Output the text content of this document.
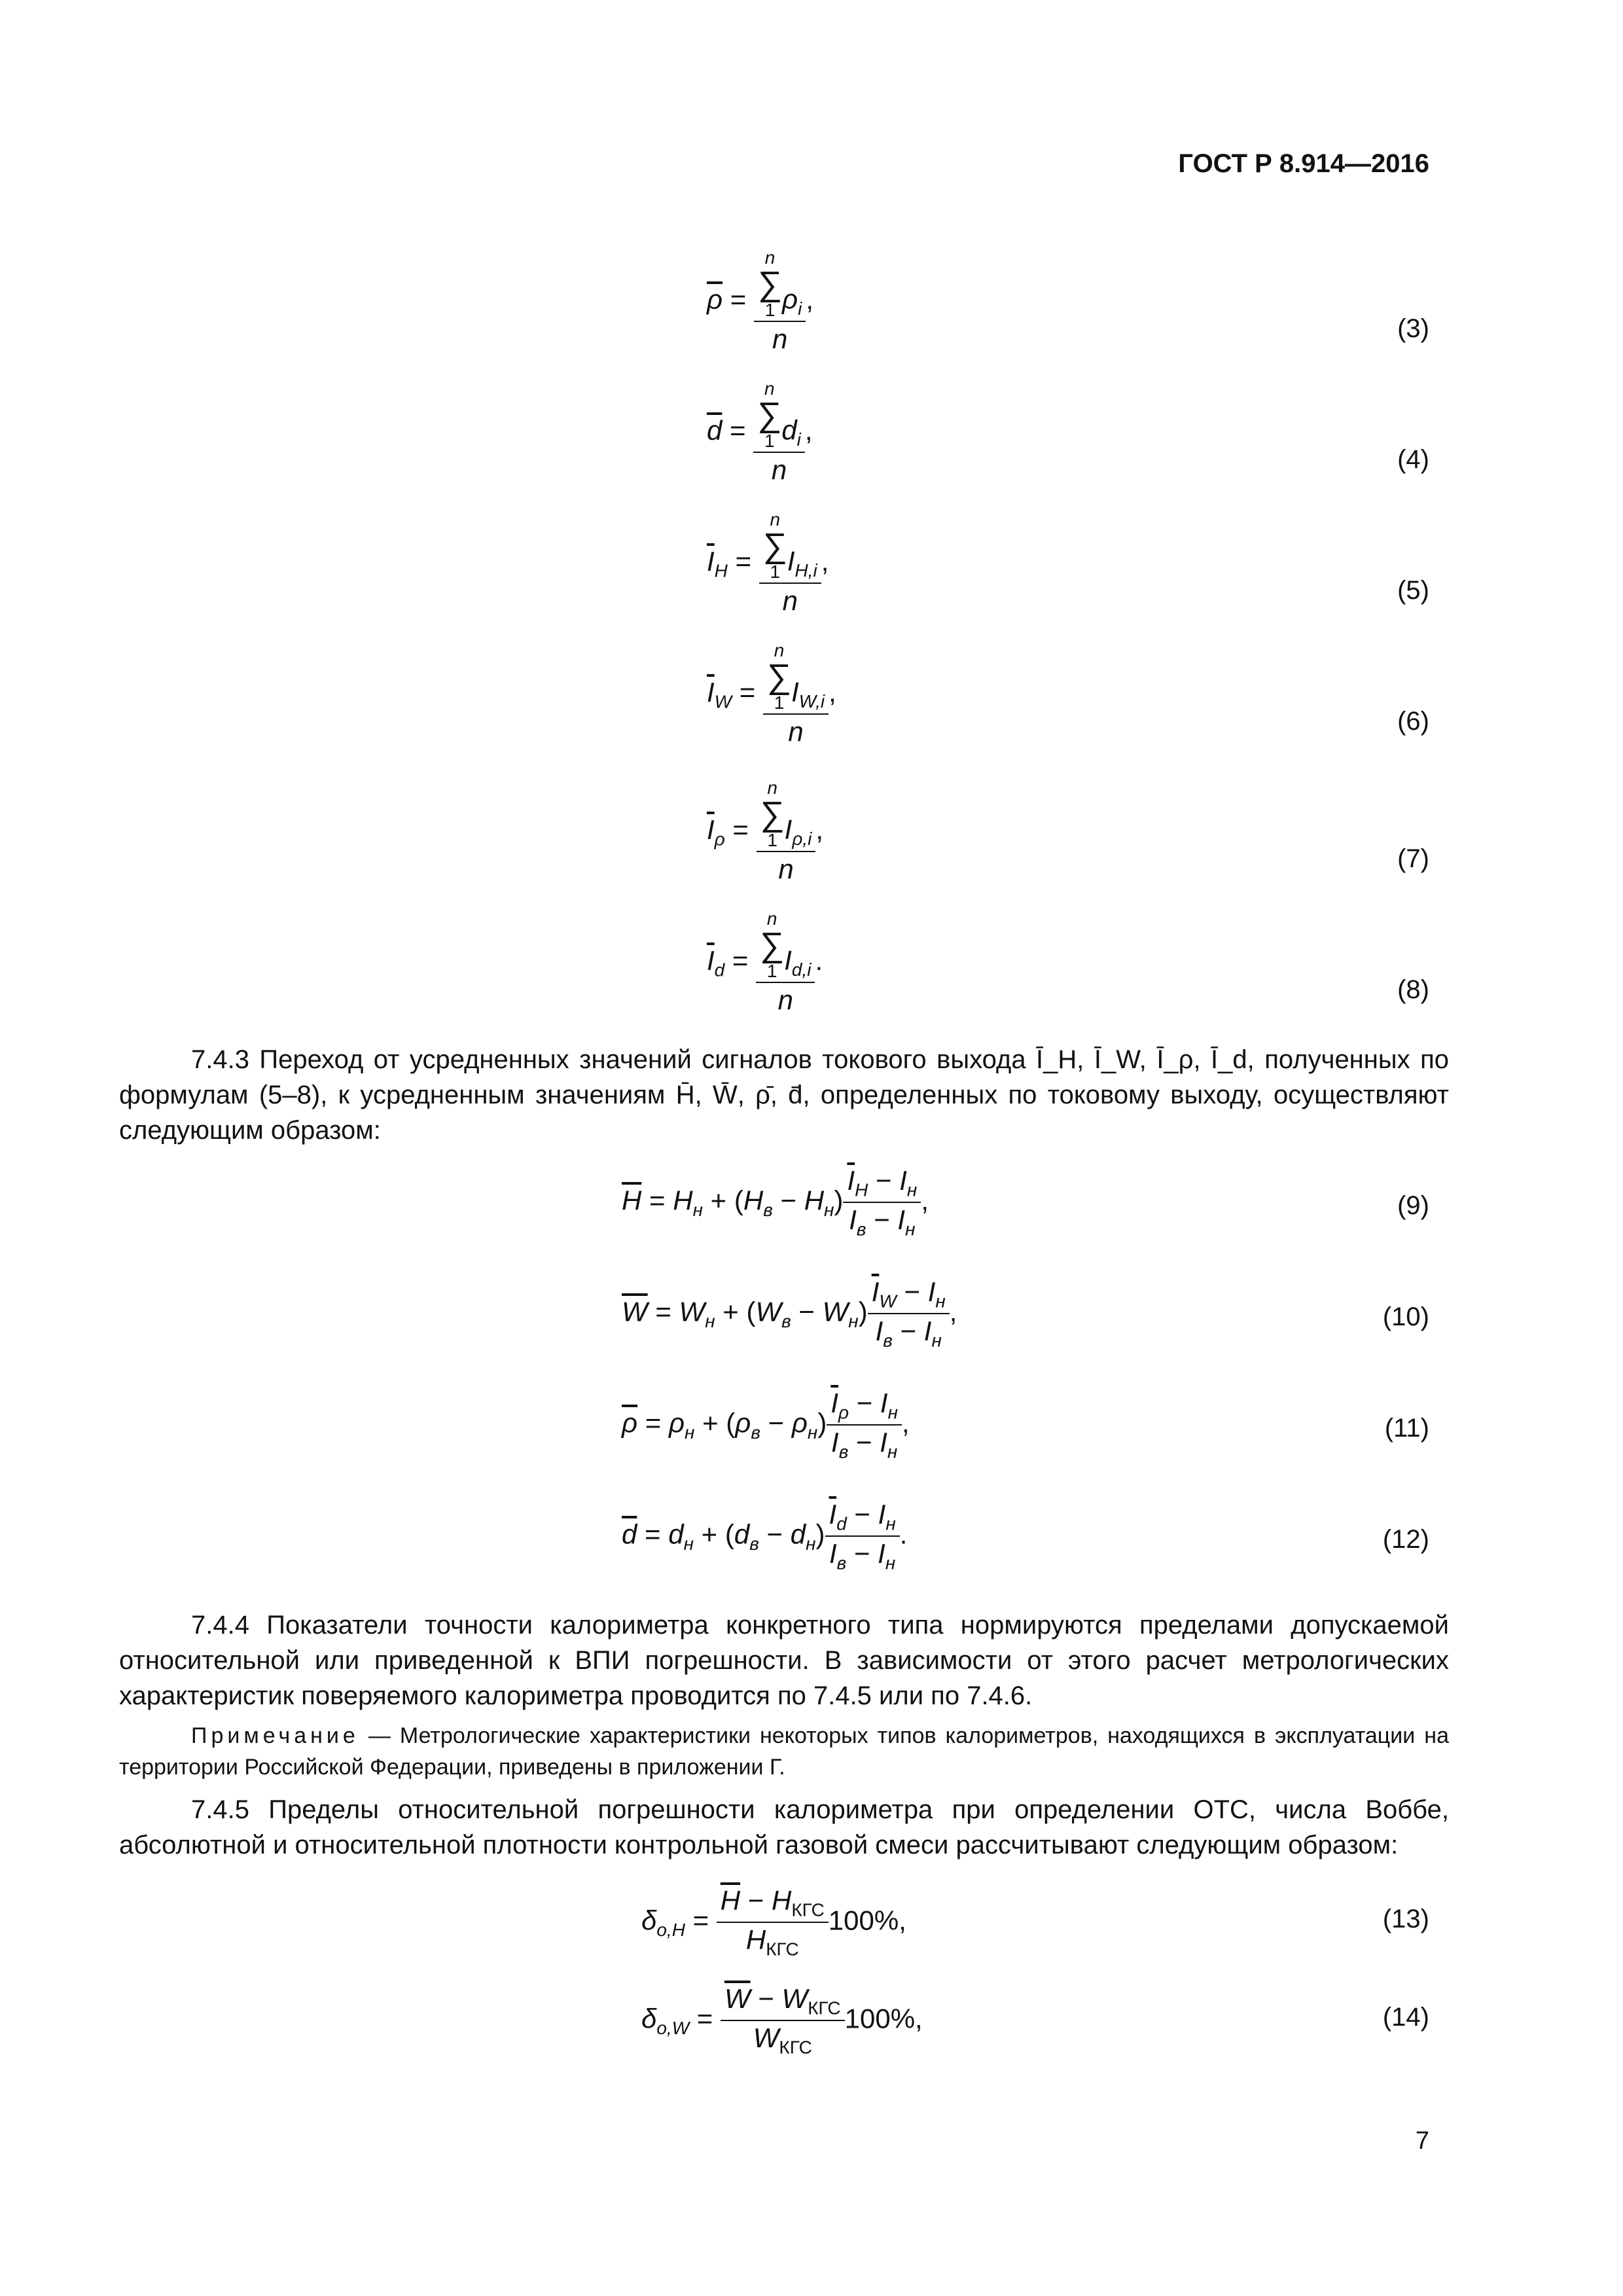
ГОСТ Р 8.914—2016
$\overline{\rho} = n$
∑
1 $\rho_i$
n ,
(3)
$\overline{d} = n$
∑
1 $d_i$
n ,
(4)
$\overline{I}_H = n$
∑
1 $I_{H,i}$
n ,
(5)
$\overline{I}_W = n$
∑
1 $I_{W,i}$
n ,
(6)
$\overline{I}_\rho = n$
∑
1 $I_{\rho,i}$
n ,
(7)
$\overline{I}_d = n$
∑
1 $I_{d,i}$
n .
(8)
7.4.3 Переход от усредненных значений сигналов токового выхода Ī_H, Ī_W, Ī_ρ, Ī_d, полученных по формулам (5–8), к усредненным значениям H̄, W̄, ρ̄, d̄, определенных по токовому выходу, осуществляют следующим образом:
$\overline{H} = H_н + (H_в - H_н) \frac{\overline{I}_H - I_н}{I_в - I_н}$ ,	(9)
$\overline{W} = W_н + (W_в - W_н) \frac{\overline{I}_W - I_н}{I_в - I_н}$ ,	(10)
$\overline{\rho} = \rho_н + (\rho_в - \rho_н) \frac{\overline{I}_\rho - I_н}{I_в - I_н}$ ,	(11)
$\overline{d} = d_н + (d_в - d_н) \frac{\overline{I}_d - I_н}{I_в - I_н}$ .	(12)
7.4.4 Показатели точности калориметра конкретного типа нормируются пределами допускаемой относительной или приведенной к ВПИ погрешности. В зависимости от этого расчет метрологических характеристик поверяемого калориметра проводится по 7.4.5 или по 7.4.6.
Примечание — Метрологические характеристики некоторых типов калориметров, находящихся в эксплуатации на территории Российской Федерации, приведены в приложении Г.
7.4.5 Пределы относительной погрешности калориметра при определении ОТС, числа Воббе, абсолютной и относительной плотности контрольной газовой смеси рассчитывают следующим образом:
$\delta_{o,H} = \frac{\overline{H} - H_{КГС}}{H_{КГС}} 100\%$,	(13)
$\delta_{o,W} = \frac{\overline{W} - W_{КГС}}{W_{КГС}} 100\%$,	(14)
7
